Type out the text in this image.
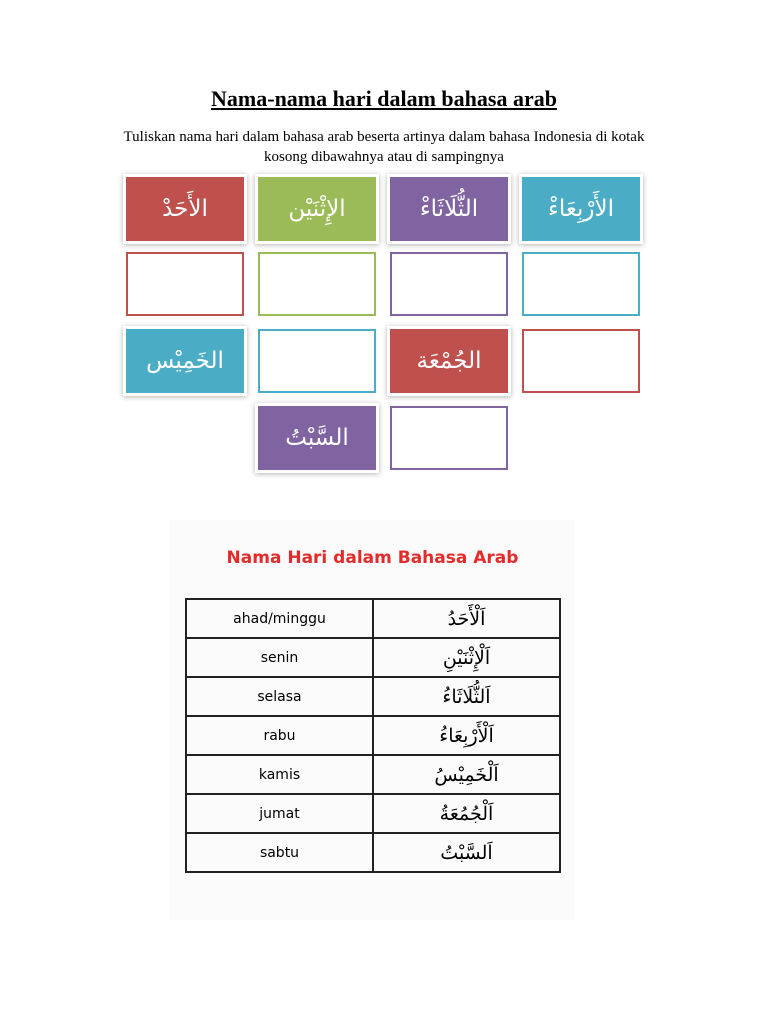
Nama-nama hari dalam bahasa arab
Tuliskan nama hari dalam bahasa arab beserta artinya dalam bahasa Indonesia di kotak
kosong dibawahnya atau di sampingnya
الأَحَدْ	الإِثْنَيْن	الثُّلَاثَاءْ	الأَرْبِعَاءْ
الخَمِيْس	الجُمْعَة
السَّبْتُ
Nama Hari dalam Bahasa Arab
ahad/minggu	اَلْأَحَدُ
senin	اَلْإِثْنَيْنِ
selasa	اَلثُّلَاثَاءُ
rabu	اَلْأَرْبِعَاءُ
kamis	اَلْخَمِيْسُ
jumat	اَلْجُمُعَةُ
sabtu	اَلسَّبْتُ
